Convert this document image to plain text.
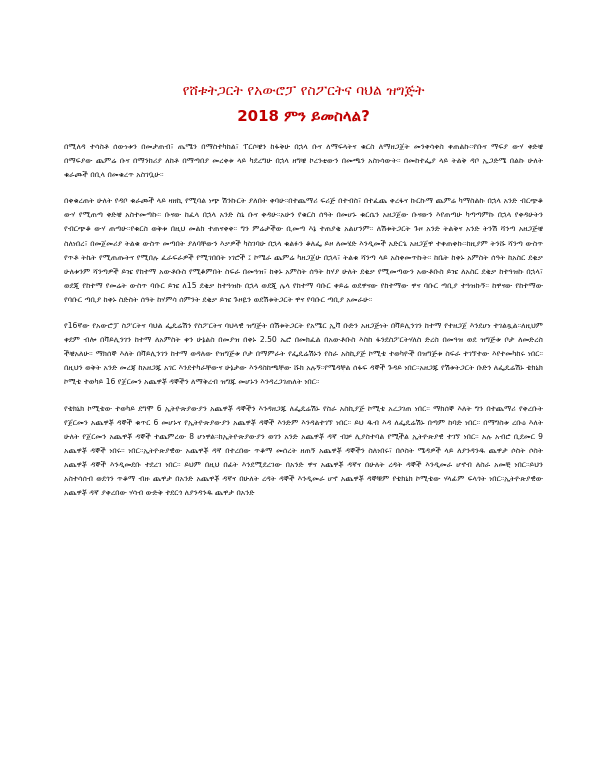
የሸቱትጋርት የአውሮፓ የስፖርትና ባህል ዝግጅት
2018 ምን ይመስላል?

በሚለዳ ተሳስቶ ሰውነቱን በመታጠብ፣ ጤሜን በማስተካከል፣ ፐርሶቼን ከፋቅሁ በኋላ ቡና ለማፍላትና ቁርስ ለማዘጋጀት መንቀሳቀስ ቀጠልኩ።የቡና ማፍያ ውሃ ቀድቼ በማፍያው ጨምሬ ቡና በማንከሪያ ለከቶ በማጣበያ መረቀቱ ላይ ካደረግሁ በኋላ ዘግቼ ኮረንቲውን በመጫን አስነሳውት። በመከተፌያ ላይ ትልቅ ዳቦ ኢጋድሜ በልኩ ሁለት ቁራጮች በቢላ በመቁረጥ አስገቧሁ።

በቀቁረጠት ሁለት የዳቦ ቁራጮች ላይ ዛዘኪ የሚባል ነጭ ሽንኩርት ያለበት ቀባሁ።በተጨማሪ ፍሪጅ በተብስ፣ በተፈጨ ቀረፋና ኩርኩማ ጨምሬ ካማስልኩ በኋላ አንድ ብርጭቆ ውሃ የሚጠጣ ቀድቼ አስተመጣኩ። ቡናው ከፈላ በኋላ አንድ ስኒ ቡና ቀዳሁ።አሁን የቁርስ ሰዓት በመሆኑ ቁርሴን አዘጋጀው ቡናውን እየጠጣሁ ካጣጣምኩ በኋላ የቀዳሁትን የብርጭቆ ውሃ ጠጣሁ።የቁርስ ወቅቱ በዚህ መልክ ተጠናቀቀ። ግን ምሬታችው ቢመጣ እኔ ተጠያቂ አልሆንም። ለሽቱትጋርት ጉዞ አንድ ትልቅና አንድ ትንሽ ሻንጣ አዘጋጅቼ ስለነበረ፣ በመጀመሪያ ትልቁ ውስጥ መጣበት ያለባቸውን እቃዎች ካስገባሁ በኋላ ቁልፉን ቆለፌ ይዞ ለመሄድ እንዲመች አድርጌ አዘጋጀዋ ተቀጠቀኩ።ከዚያም ትንሹ ሻንጣ ውስጥ የጥቶ ትኬት የሚጠጡትና የሚበሉ ፈራፍራዎች የሚገበበት ነገሮች ፤ ኮሜራ ጨምሬ ካዘጋጀሁ በኋላ፣ ትልቁ ሻንጣ ላይ አስቀመጥኩት። ከቤት ከቀኑ አምስት ሰዓት ከአስር ደቂቃ ሁለቱንም ሻንጣዎች ይዤ የከተማ አውቶቡስ የሚቆምበት ስፍራ በመጓዝ፣ ከቀኑ አምስት ሰዓት ከሃያ ሁለት ደቂቃ የሚመጣውን አውቶቡስ ይዤ ለአስር ደቂቃ ከተጓዝኩ በኋላ፣ ወደጂ የከተማ የመሬት ውስጥ ባቡር ይዤ ለ15 ደቂቃ ከተጓዝኩ በኋላ ወደጂ ሌላ የከተማ ባቡር ቀይሬ ወደዋናው የከተማው ዋና ባቡር ጣቢያ ተጓዝኩኝ። ከዋናው የከተማው የባቡር ጣቢያ ከቀኑ ስድስት ሰዓት ከሃምሳ ሰምንት ደቂቃ ይዤ ጉዞዬን ወደሽቱትጋርት ዋና የባቡር ጣቢያ አመራሁ።

የ16ኛው የአውሮፓ ስፖርትና ባህል ፌዴሬሽን የስፖርትና ባህላዊ ዝግጅት በሽቱትጋርት የአሜር ኢቫ ቡድን አዘጋጅነት በቫይሊንገን ከተማ የተዘጋጀ እንደሆነ ተገልጿል።ለዚህም ቀደም ብሎ በቫይሊንገን ከተማ ለአምስት ቀን ሁኔልስ በመያዝ በቀኑ 2.50 ኤሮ በመክፈል በአውቶቡስ እስከ ፋንደስፖርትሃለስ ድረስ በመጓዝ ወደ ዝግጅቱ ቦታ ለመድረስ ችቼአለሁ። ማክሰኞ እለት በቫይሊንገን ከተማ ወዳለው የዝግጅቱ ቦታ በማምራት የፌዴሬሽኑን የስራ አስኪያጅ ኮሚቴ ተወካዮች በዝግጅቱ ስፍራ ተገኘተው እየተመካከሩ ነበር። በዚህን ወቅት አንድ መረጃ ከአዘጋጁ አገር እንደተካራቸውና ሁኔታው እንዳስከጫቸው ሹክ አሉኝ።የሜዳቸል ሰፋፍ ዳኞች ጉዳይ ነበር።አዘጋጁ የሽቱትጋርት ቡድን ለፌዴሬሽኑ ቴክኒክ ኮሚቴ ተወካይ 16 የጀርመን አጨዋቾ ዳኞችን ለማቅረብ ዝግጁ መሆኑን እንዳረጋገጠለት ነበር።

የቴክኒክ ኮሚቴው ተወካይ ደግሞ 6 ኢትዮጵያውያን አጨዋቾ ዳኞችን እንዳዘጋጁ ለፌዴሬሽኑ የስራ አስኪያጅ ኮሚቴ አረጋገጠ ነበር። ማክሰኞ እለት ግን በተጨማሪ የቀረቡት የጀርመን አጨዋቾ ዳኞች ቁጥር 6 መሆኑና የኢትዮጵያውያን አጨዋቾ ዳኞች እንድም እንዳልተገኘ ነበር። ይህ ዱብ እዳ ለፌዴሬሽኑ በጣም ከባድ ነበር። በማግስቱ ረቡዕ እለት ሁለት የጀርመን አጨዋቾ ዳኞች ተጨምረው 8 ሆነዋል።ከኢትዮጵያውያን ወገን አንድ አጨዋቾ ዳኛ ብቻ ሊያስተባል የሚችል ኢትዮጵያዊ ተገኘ ነበር። አሉ አብሮ ቢደመር 9 አጨዋቾ ዳኞች ነበሩ። ነበር።ኢትዮጵያዊው አጨዋቾ ዳኛ በተረበው ጥቆማ መሰረት ዘጠኝ አጨዋቾ ዳኞችን ስለነበሩ፣ በሶስት ሜዳዎች ላይ ለያንዳንዱ ጨዋታ ሶስት ሶስት አጨዋቾ ዳኞች እንዲመደቡ ተደረገ ነበር። ይህም በዚህ በፊት እንደሚደረገው በአንድ ዋና አጨዋቾ ዳኛና በሁለት ረዳት ዳኞች እንዲመራ ሆኖብ ለስራ አመቺ ነበር።ይህን አስተሳሰብ ወደጎን ጥቆማ ብዙ ጨዋታ በአንድ አጨዋቾ ዳኛና በሁለት ረዳት ዳኞች እንዲመራ ሆኖ አጨዋቾ ዳኞቹም የቴክኒክ ኮሚቴው ሃላፊም ፍላጎት ነበር።ኢትዮጵያዊው አጨዋቾ ዳኛ ያቀረበው ሃሳብ ውድቅ ተደርጎ ለያንዳንዱ ጨዋታ በአንድ
